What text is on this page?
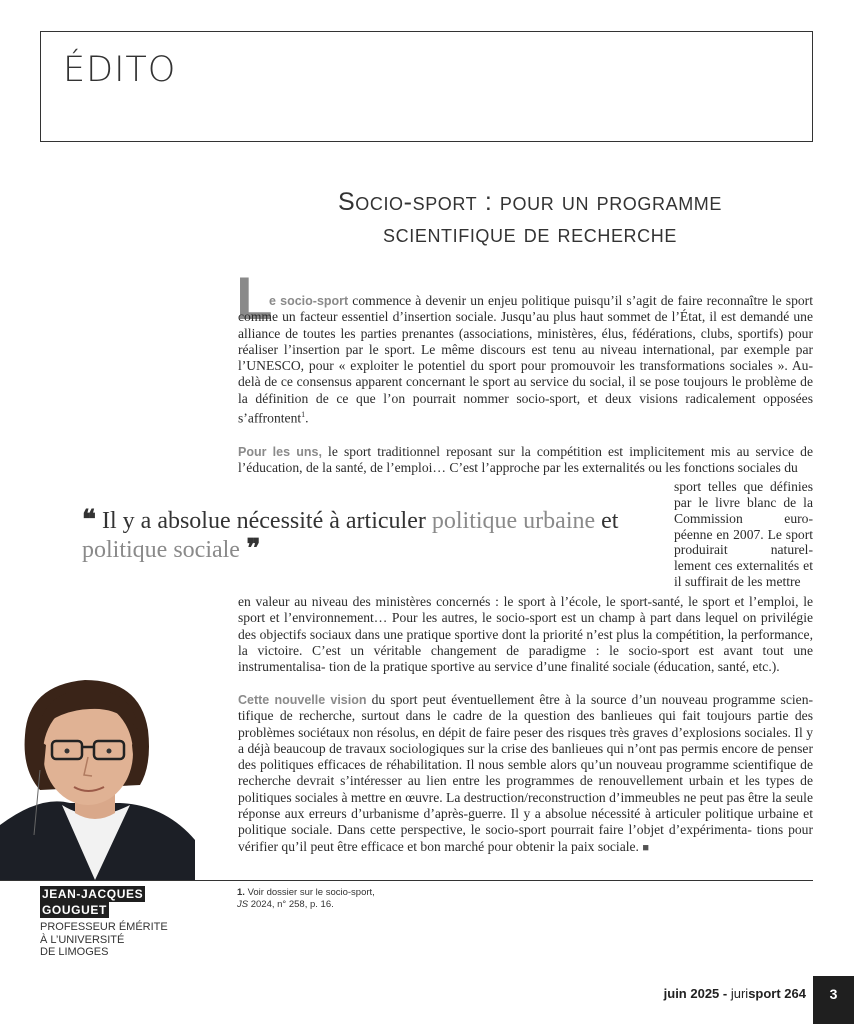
ÉDITO
Socio-sport : pour un programme
scientifique de recherche
L
e socio-sport commence à devenir un enjeu politique puisqu’il s’agit de faire reconnaître le sport comme un facteur essentiel d’insertion sociale. Jusqu’au plus haut sommet de l’État, il est demandé une alliance de toutes les parties prenantes (associations, ministères, élus, fédérations, clubs, sportifs) pour réaliser l’insertion par le sport. Le même discours est tenu au niveau international, par exemple par l’UNESCO, pour « exploiter le potentiel du sport pour promouvoir les transformations sociales ». Au-delà de ce consensus apparent concernant le sport au service du social, il se pose toujours le problème de la définition de ce que l’on pourrait nommer socio-sport, et deux visions radicalement opposées s’affrontent$^1$.
Pour les uns, le sport traditionnel reposant sur la compétition est implicitement mis au service de l’éducation, de la santé, de l’emploi… C’est l’approche par les externalités ou les fonctions sociales du
sport telles que définies par le livre blanc de la Commission euro- péenne en 2007. Le sport produirait naturel- lement ces externalités et il suffirait de les mettre
❝ Il y a absolue nécessité à articuler politique urbaine et politique sociale ❞
en valeur au niveau des ministères concernés : le sport à l’école, le sport-santé, le sport et l’emploi, le sport et l’environnement… Pour les autres, le socio-sport est un champ à part dans lequel on privilégie des objectifs sociaux dans une pratique sportive dont la priorité n’est plus la compétition, la performance, la victoire. C’est un véritable changement de paradigme : le socio-sport est avant tout une instrumentalisa- tion de la pratique sportive au service d’une finalité sociale (éducation, santé, etc.).
Cette nouvelle vision du sport peut éventuellement être à la source d’un nouveau programme scien- tifique de recherche, surtout dans le cadre de la question des banlieues qui fait toujours partie des problèmes sociétaux non résolus, en dépit de faire peser des risques très graves d’explosions sociales. Il y a déjà beaucoup de travaux sociologiques sur la crise des banlieues qui n’ont pas permis encore de penser des politiques efficaces de réhabilitation. Il nous semble alors qu’un nouveau programme scientifique de recherche devrait s’intéresser au lien entre les programmes de renouvellement urbain et les types de politiques sociales à mettre en œuvre. La destruction/reconstruction d’immeubles ne peut pas être la seule réponse aux erreurs d’urbanisme d’après-guerre. Il y a absolue nécessité à articuler politique urbaine et politique sociale. Dans cette perspective, le socio-sport pourrait faire l’objet d’expérimenta- tions pour vérifier qu’il peut être efficace et bon marché pour obtenir la paix sociale. ■
JEAN-JACQUES
GOUGUET
PROFESSEUR ÉMÉRITE
À L’UNIVERSITÉ
DE LIMOGES
1. Voir dossier sur le socio-sport,
JS 2024, n° 258, p. 16.
juin 2025 - jurisport 264	3
